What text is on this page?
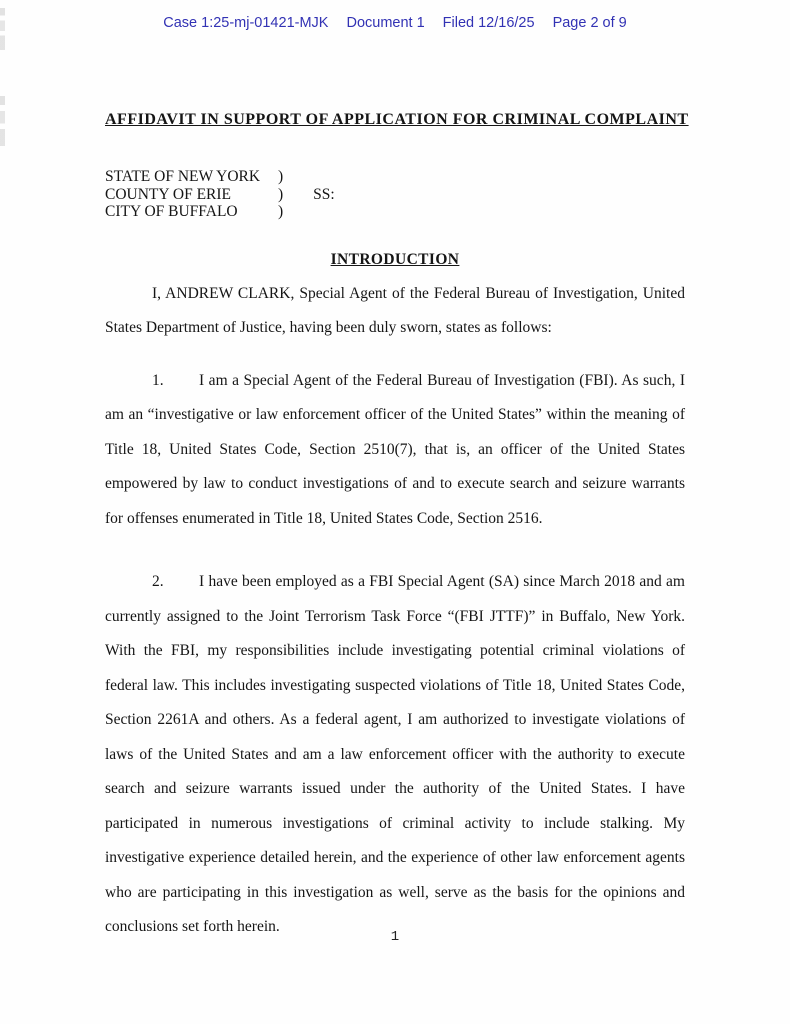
Case 1:25-mj-01421-MJK Document 1 Filed 12/16/25 Page 2 of 9
AFFIDAVIT IN SUPPORT OF APPLICATION FOR CRIMINAL COMPLAINT
STATE OF NEW YORK )
COUNTY OF ERIE	) SS:
CITY OF BUFFALO	)
INTRODUCTION

I, ANDREW CLARK, Special Agent of the Federal Bureau of Investigation, United States Department of Justice, having been duly sworn, states as follows:

1. I am a Special Agent of the Federal Bureau of Investigation (FBI). As such, I am an “investigative or law enforcement officer of the United States” within the meaning of Title 18, United States Code, Section 2510(7), that is, an officer of the United States empowered by law to conduct investigations of and to execute search and seizure warrants for offenses enumerated in Title 18, United States Code, Section 2516.

2. I have been employed as a FBI Special Agent (SA) since March 2018 and am currently assigned to the Joint Terrorism Task Force “(FBI JTTF)” in Buffalo, New York. With the FBI, my responsibilities include investigating potential criminal violations of federal law. This includes investigating suspected violations of Title 18, United States Code, Section 2261A and others. As a federal agent, I am authorized to investigate violations of laws of the United States and am a law enforcement officer with the authority to execute search and seizure warrants issued under the authority of the United States. I have participated in numerous investigations of criminal activity to include stalking. My investigative experience detailed herein, and the experience of other law enforcement agents who are participating in this investigation as well, serve as the basis for the opinions and conclusions set forth herein.

1
